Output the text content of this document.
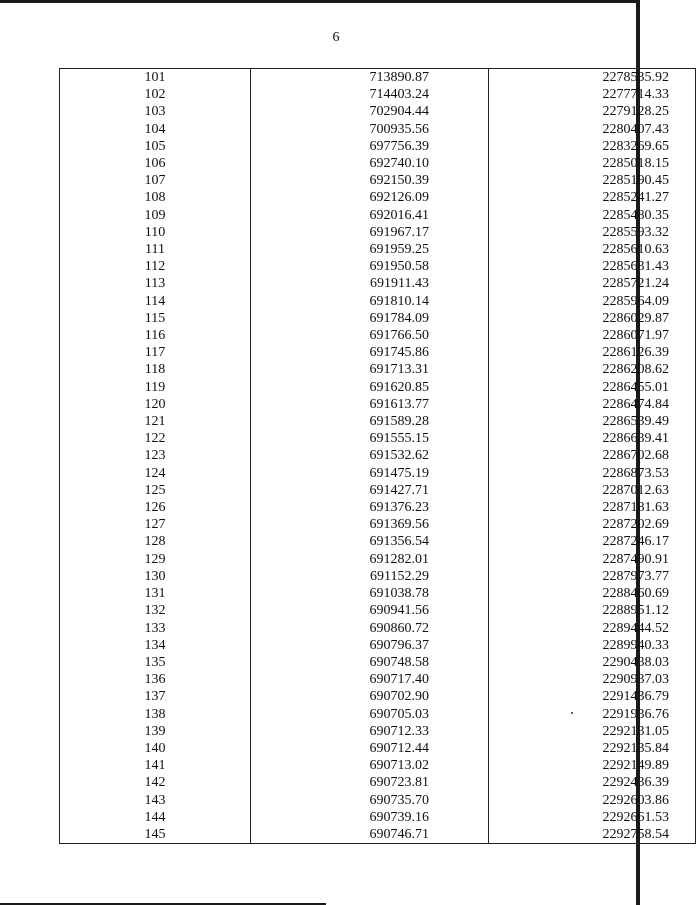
6
101	713890.87	2278535.92
102	714403.24	2277714.33
103	702904.44	2279128.25
104	700935.56	2280407.43
105	697756.39	2283269.65
106	692740.10	2285018.15
107	692150.39	2285190.45
108	692126.09	2285241.27
109	692016.41	2285480.35
110	691967.17	2285593.32
111	691959.25	2285610.63
112	691950.58	2285631.43
113	691911.43	2285721.24
114	691810.14	2285964.09
115	691784.09	2286029.87
116	691766.50	2286071.97
117	691745.86	2286126.39
118	691713.31	2286208.62
119	691620.85	2286455.01
120	691613.77	2286474.84
121	691589.28	2286539.49
122	691555.15	2286639.41
123	691532.62	2286702.68
124	691475.19	2286873.53
125	691427.71	2287012.63
126	691376.23	2287181.63
127	691369.56	2287202.69
128	691356.54	2287246.17
129	691282.01	2287490.91
130	691152.29	2287973.77
131	691038.78	2288460.69
132	690941.56	2288951.12
133	690860.72	2289444.52
134	690796.37	2289940.33
135	690748.58	2290438.03
136	690717.40	2290937.03
137	690702.90	2291436.79
138	690705.03	2291936.76
139	690712.33	2292131.05
140	690712.44	2292135.84
141	690713.02	2292149.89
142	690723.81	2292436.39
143	690735.70	2292603.86
144	690739.16	2292661.53
145	690746.71	2292758.54
